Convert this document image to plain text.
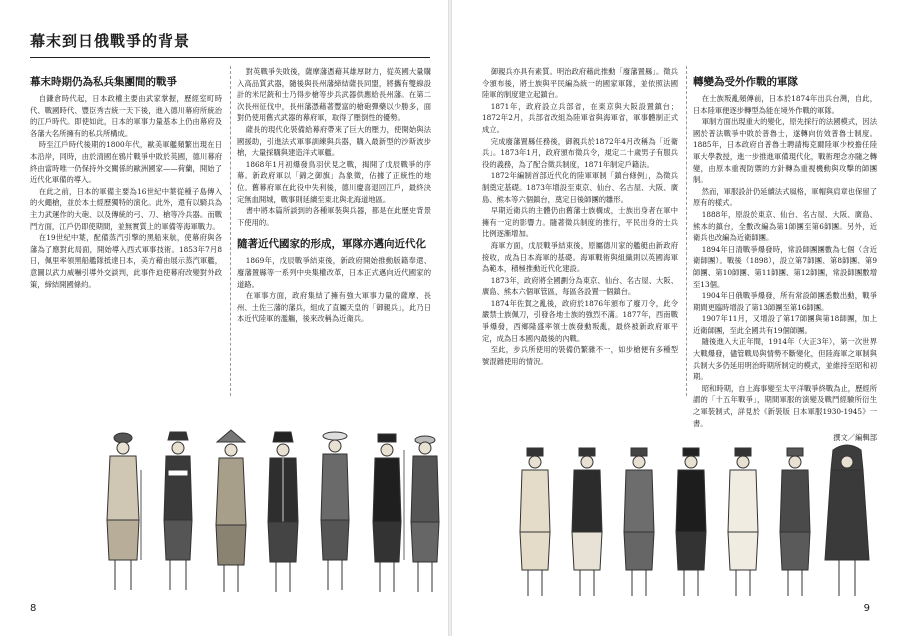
幕末到日俄戰爭的背景
幕末時期仍為私兵集團間的戰爭

自鎌倉時代起，日本政權主要由武家掌握，歷經室町時代、戰國時代、豐臣秀吉統一天下後，進入德川幕府所統治的江戶時代。即使如此，日本的軍事力量基本上仍由幕府及各藩大名所擁有的私兵所構成。

時至江戶時代後期的1800年代，歐美軍艦頻繁出現在日本沿岸，同時，由於清國在鴉片戰爭中敗於英國，德川幕府終由當時唯一仍保持外交關係的歐洲國家——荷蘭，開始了近代化軍備的導入。

在此之前，日本的軍備主要為16世紀中葉從種子島傳入的火繩槍，並於本土經歷獨特的演化。此外，還有以騎兵為主力武運作的大砲、以及傳統的弓、刀、槍等冷兵器。而戰鬥方面，江戶仍即使期間，並無實質上的軍備等海軍戰力。

在19世紀中葉，配備蒸汽引擎的黑船來航，使幕府與各藩為了應對此局面，開始導入西式軍事技術。1853年7月8日，佩里率領黑船艦隊抵達日本，美方藉由展示蒸汽軍艦，意圖以武力威嚇引導外交談判，此事件迫使幕府改變對外政策，締結開國條約。

對英戰爭失敗後，薩摩藩憑藉其雄厚財力，從英國大量購入高品質武器，隨後與長州藩締結薩長同盟，將攜有雙線設計的米尼銃和士乃得步槍等步兵武器供應給長州藩。在第二次長州征伐中，長州藩憑藉著豐富的槍砲彈藥以少勝多，面對仍使用舊式武器的幕府軍，取得了壓倒性的優勢。

薩長的現代化裝備給幕府帶來了巨大的壓力，使開始與法國援助，引進法式軍事訓練與兵器，購入最新型的沙斯波步槍，大量採購與建造洋式軍艦。

1868年1月初爆發鳥羽伏見之戰，揭開了戊辰戰爭的序幕。新政府軍以「錦之御旗」為象徵，佔據了正統性的地位。舊幕府軍在此役中失利後，德川慶喜退回江戶，最終決定無血開城，戰事則延續至東北與北海道地區。

書中將本篇所談到的各種軍裝與兵器，都是在此歷史背景下使用的。

隨著近代國家的形成，軍隊亦邁向近代化

1869年，戊辰戰爭結束後，新政府開始推動版籍奉還、廢藩置縣等一系列中央集權改革，日本正式邁向近代國家的道路。

在軍事方面，政府集結了擁有強大軍事力量的薩摩、長州、土佐三藩的藩兵，組成了直屬天皇的「御親兵」，此乃日本近代陸軍的濫觴，後來改稱為近衛兵。

8

御親兵亦具有素質。明治政府藉此推動「廢藩置縣」。徵兵令頒布後，將士族與平民編為統一的國家軍隊，並依照法國陸軍的制度建立起鎮台。

1871年，政府設立兵部省，在東京與大阪設置鎮台；1872年2月，兵部省改組為陸軍省與海軍省，軍事體制正式成立。

完成廢藩置縣任務後，御親兵於1872年4月改稱為「近衛兵」。1873年1月，政府頒布徵兵令，規定二十歲男子有服兵役的義務，為了配合徵兵制度，1871年制定戶籍法。

1872年編制首部近代化的陸軍軍制「鎮台條例」，為徵兵制奠定基礎。1873年增設至東京、仙台、名古屋、大阪、廣島、熊本等六個鎮台，奠定日後師團的雛形。

早期近衛兵的主體仍由舊藩士族構成，士族出身者在軍中擁有一定的影響力。隨著徵兵制度的推行，平民出身的士兵比例逐漸增加。

海軍方面，戊辰戰爭結束後，原屬德川家的艦艇由新政府接收，成為日本海軍的基礎。海軍戰術與組織則以英國海軍為範本，積極推動近代化建設。

1873年，政府將全國劃分為東京、仙台、名古屋、大阪、廣島、熊本六個軍管區，每區各設置一個鎮台。

1874年佐賀之亂後，政府於1876年頒布了廢刀令，此令嚴禁士族佩刀，引發各地士族的強烈不滿。1877年，西南戰爭爆發，西鄉隆盛率領士族發動叛亂，最終被新政府軍平定，成為日本國內最後的內戰。

至此，步兵所使用的裝備仍繁雜不一，如步槍便有多種型號混雜使用的情況。

轉變為受外作戰的軍隊

在士族叛亂頻傳前，日本於1874年出兵台灣，自此，日本陸軍便逐步轉型為能在境外作戰的軍隊。

軍制方面出現重大的變化，原先採行的法國模式，因法國於普法戰爭中敗於普魯士，遂轉向仿效普魯士制度。1885年，日本政府自普魯士聘請梅克爾陸軍少校擔任陸軍大學教授，進一步推進軍備現代化，戰術理念亦隨之轉變，由原本重視防禦的方針轉為重視機動與攻擊的師團制。

然而，軍服設計仍延續法式風格，軍帽與肩章也保留了原有的樣式。

1888年，原設於東京、仙台、名古屋、大阪、廣島、熊本的鎮台，全數改編為第1師團至第6師團。另外，近衛兵也改編為近衛師團。

1894年日清戰爭爆發時，常設師團團數為七個（含近衛師團）。戰後（1898），設立第7師團、第8師團、第9師團、第10師團、第11師團、第12師團，常設師團數增至13個。

1904年日俄戰爭爆發，所有常設師團悉數出動，戰爭期間更臨時增設了第13師團至第16師團。

1907年11月，又增設了第17師團與第18師團，加上近衛師團，至此全國共有19個師團。

隨後進入大正年間，1914年（大正3年），第一次世界大戰爆發，儘管戰局與情勢不斷變化，但陸海軍之軍制與兵制大多仍延用明治時期所制定的模式，並維持至昭和初期。

昭和時期，自上海事變至太平洋戰爭終戰為止，歷經所謂的「十五年戰爭」，期間軍服的演變及戰鬥經驗所衍生之軍裝制式，詳見於《新裝版 日本軍服1930-1945》一書。

撰文／編輯部
9
